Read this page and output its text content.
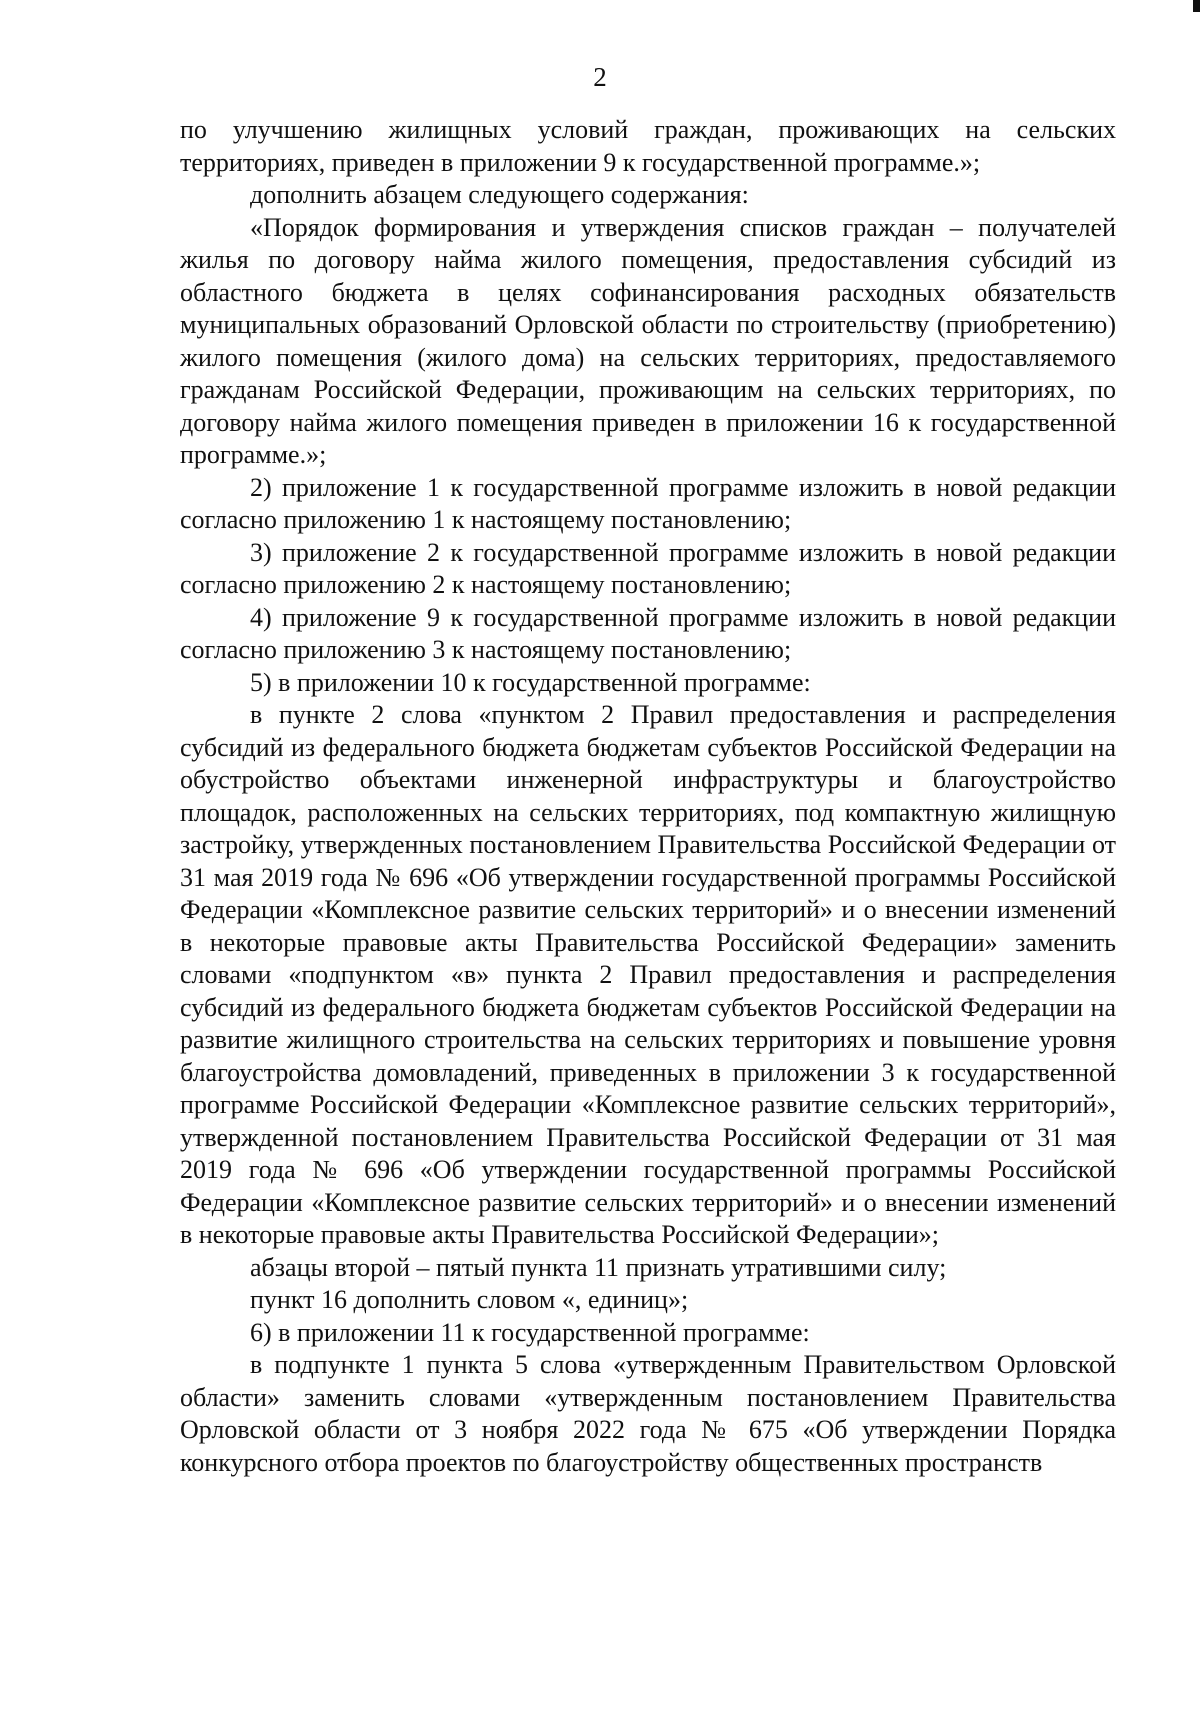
2

по улучшению жилищных условий граждан, проживающих на сельских территориях, приведен в приложении 9 к государственной программе.»;

дополнить абзацем следующего содержания:

«Порядок формирования и утверждения списков граждан – получателей жилья по договору найма жилого помещения, предоставления субсидий из областного бюджета в целях софинансирования расходных обязательств муниципальных образований Орловской области по строительству (приобретению) жилого помещения (жилого дома) на сельских территориях, предоставляемого гражданам Российской Федерации, проживающим на сельских территориях, по договору найма жилого помещения приведен в приложении 16 к государственной программе.»;

2) приложение 1 к государственной программе изложить в новой редакции согласно приложению 1 к настоящему постановлению;

3) приложение 2 к государственной программе изложить в новой редакции согласно приложению 2 к настоящему постановлению;

4) приложение 9 к государственной программе изложить в новой редакции согласно приложению 3 к настоящему постановлению;

5) в приложении 10 к государственной программе:

в пункте 2 слова «пунктом 2 Правил предоставления и распределения субсидий из федерального бюджета бюджетам субъектов Российской Федерации на обустройство объектами инженерной инфраструктуры и благоустройство площадок, расположенных на сельских территориях, под компактную жилищную застройку, утвержденных постановлением Правительства Российской Федерации от 31 мая 2019 года № 696 «Об утверждении государственной программы Российской Федерации «Комплексное развитие сельских территорий» и о внесении изменений в некоторые правовые акты Правительства Российской Федерации» заменить словами «подпунктом «в» пункта 2 Правил предоставления и распределения субсидий из федерального бюджета бюджетам субъектов Российской Федерации на развитие жилищного строительства на сельских территориях и повышение уровня благоустройства домовладений, приведенных в приложении 3 к государственной программе Российской Федерации «Комплексное развитие сельских территорий», утвержденной постановлением Правительства Российской Федерации от 31 мая 2019 года № 696 «Об утверждении государственной программы Российской Федерации «Комплексное развитие сельских территорий» и о внесении изменений в некоторые правовые акты Правительства Российской Федерации»;

абзацы второй – пятый пункта 11 признать утратившими силу;

пункт 16 дополнить словом «, единиц»;

6) в приложении 11 к государственной программе:

в подпункте 1 пункта 5 слова «утвержденным Правительством Орловской области» заменить словами «утвержденным постановлением Правительства Орловской области от 3 ноября 2022 года № 675 «Об утверждении Порядка конкурсного отбора проектов по благоустройству общественных пространств
